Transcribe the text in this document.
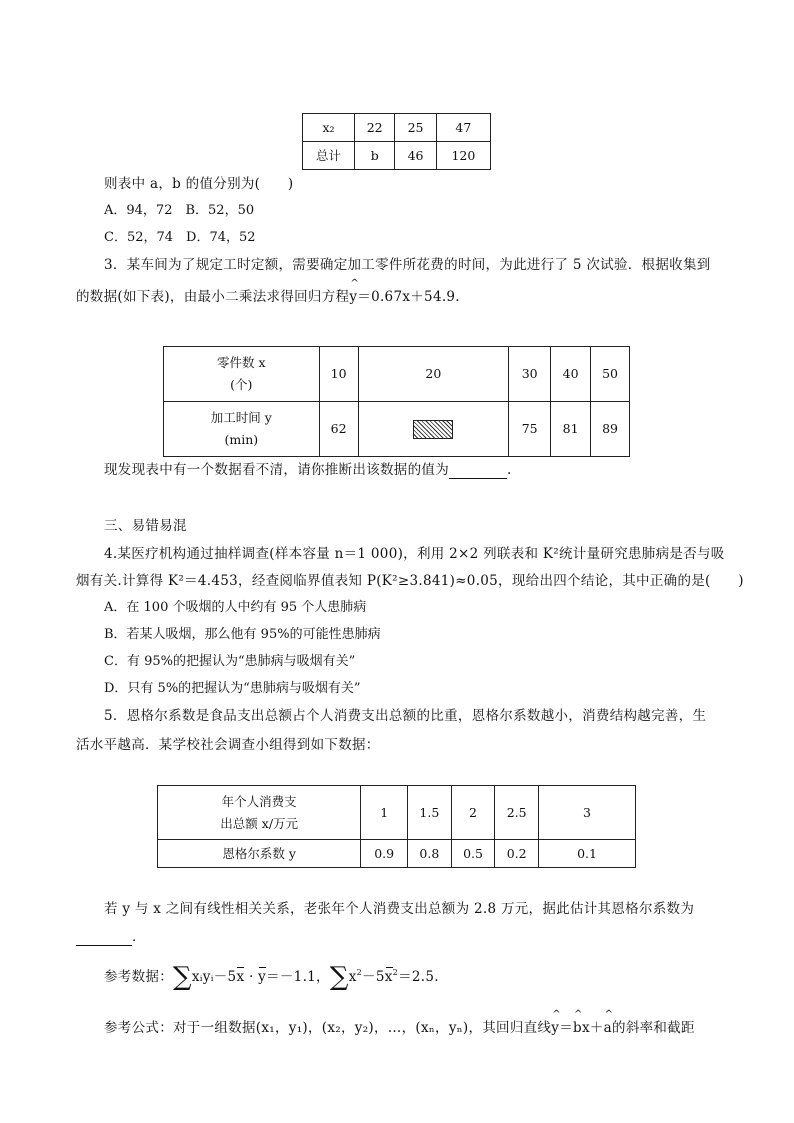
x₂	22	25	47
总计	b	46	120
则表中 a，b 的值分别为(　　)
A．94，72　B．52，50
C．52，74　D．74，52
3．某车间为了规定工时定额，需要确定加工零件所花费的时间，为此进行了 5 次试验．根据收集到
的数据(如下表)，由最小二乘法求得回归方程^ y＝0.67x＋54.9.
零件数 x
(个)	10	20	30	40	50
加工时间 y
(min)	62		75	81	89
现发现表中有一个数据看不清，请你推断出该数据的值为	.
三、易错易混
4.某医疗机构通过抽样调查(样本容量 n＝1 000)，利用 2×2 列联表和 K²统计量研究患肺病是否与吸
烟有关.计算得 K²＝4.453，经查阅临界值表知 P(K²≥3.841)≈0.05，现给出四个结论，其中正确的是(　　)
A．在 100 个吸烟的人中约有 95 个人患肺病
B．若某人吸烟，那么他有 95%的可能性患肺病
C．有 95%的把握认为“患肺病与吸烟有关”
D．只有 5%的把握认为“患肺病与吸烟有关”
5．恩格尔系数是食品支出总额占个人消费支出总额的比重，恩格尔系数越小，消费结构越完善，生
活水平越高．某学校社会调查小组得到如下数据：
年个人消费支
出总额 x/万元	1	1.5	2	2.5	3
恩格尔系数 y	0.9	0.8	0.5	0.2	0.1
若 y 与 x 之间有线性相关关系，老张年个人消费支出总额为 2.8 万元，据此估计其恩格尔系数为
．
参考数据：∑xᵢyᵢ－5x · y＝－1.1，$\sum x^2-5x^2=2.5$.
参考公式：对于一组数据(x₁，y₁)，(x₂，y₂)，…，(xₙ，yₙ)，其回归直线^ y＝^ bx＋^ a的斜率和截距
